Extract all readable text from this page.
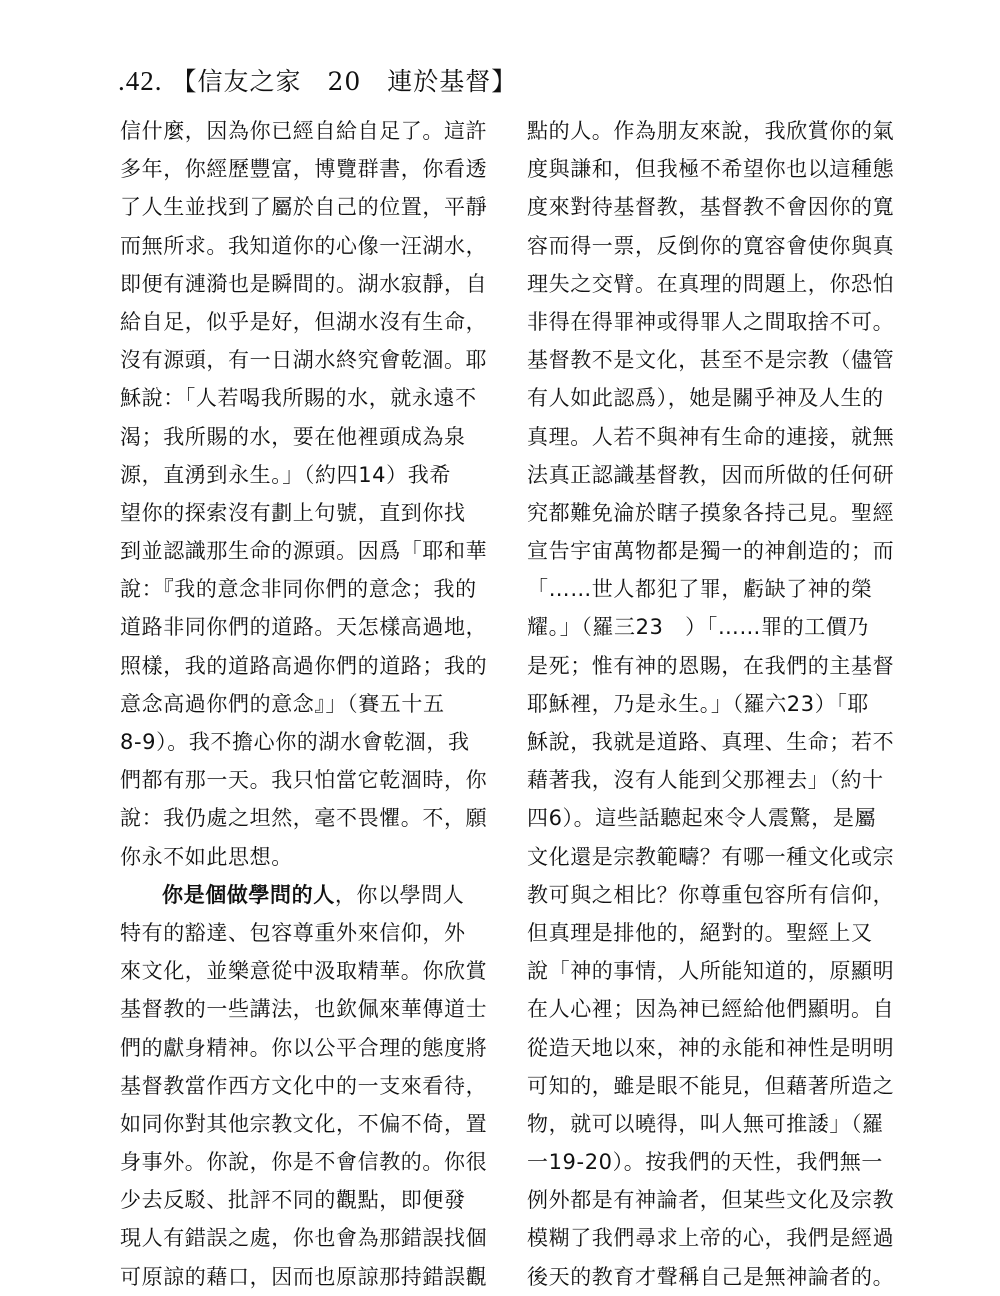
.42. 【信友之家　20　連於基督】
信什麼，因為你已經自給自足了。這許
多年，你經歷豐富，博覽群書，你看透
了人生並找到了屬於自己的位置，平靜
而無所求。我知道你的心像一汪湖水，
即便有漣漪也是瞬間的。湖水寂靜，自
給自足，似乎是好，但湖水沒有生命，
沒有源頭，有一日湖水終究會乾涸。耶
穌說：「人若喝我所賜的水，就永遠不
渴；我所賜的水，要在他裡頭成為泉
源，直湧到永生。」（約四14）我希
望你的探索沒有劃上句號，直到你找
到並認識那生命的源頭。因爲「耶和華
說：『我的意念非同你們的意念；我的
道路非同你們的道路。天怎樣高過地，
照樣，我的道路高過你們的道路；我的
意念高過你們的意念』」（賽五十五
8-9）。我不擔心你的湖水會乾涸，我
們都有那一天。我只怕當它乾涸時，你
說：我仍處之坦然，毫不畏懼。不，願
你永不如此思想。
你是個做學問的人，你以學問人
特有的豁達、包容尊重外來信仰，外
來文化，並樂意從中汲取精華。你欣賞
基督教的一些講法，也欽佩來華傳道士
們的獻身精神。你以公平合理的態度將
基督教當作西方文化中的一支來看待，
如同你對其他宗教文化，不偏不倚，置
身事外。你說，你是不會信教的。你很
少去反駁、批評不同的觀點，即便發
現人有錯誤之處，你也會為那錯誤找個
可原諒的藉口，因而也原諒那持錯誤觀
點的人。作為朋友來說，我欣賞你的氣
度與謙和，但我極不希望你也以這種態
度來對待基督教，基督教不會因你的寬
容而得一票，反倒你的寬容會使你與真
理失之交臂。在真理的問題上，你恐怕
非得在得罪神或得罪人之間取捨不可。
基督教不是文化，甚至不是宗教（儘管
有人如此認爲），她是關乎神及人生的
真理。人若不與神有生命的連接，就無
法真正認識基督教，因而所做的任何研
究都難免淪於瞎子摸象各持己見。聖經
宣告宇宙萬物都是獨一的神創造的；而
「……世人都犯了罪，虧缺了神的榮
耀。」（羅三23　）「……罪的工價乃
是死；惟有神的恩賜，在我們的主基督
耶穌裡，乃是永生。」（羅六23）「耶
穌說，我就是道路、真理、生命；若不
藉著我，沒有人能到父那裡去」（約十
四6）。這些話聽起來令人震驚，是屬
文化還是宗教範疇？有哪一種文化或宗
教可與之相比？你尊重包容所有信仰，
但真理是排他的，絕對的。聖經上又
說「神的事情，人所能知道的，原顯明
在人心裡；因為神已經給他們顯明。自
從造天地以來，神的永能和神性是明明
可知的，雖是眼不能見，但藉著所造之
物，就可以曉得，叫人無可推諉」（羅
一19-20）。按我們的天性，我們無一
例外都是有神論者，但某些文化及宗教
模糊了我們尋求上帝的心，我們是經過
後天的教育才聲稱自己是無神論者的。
